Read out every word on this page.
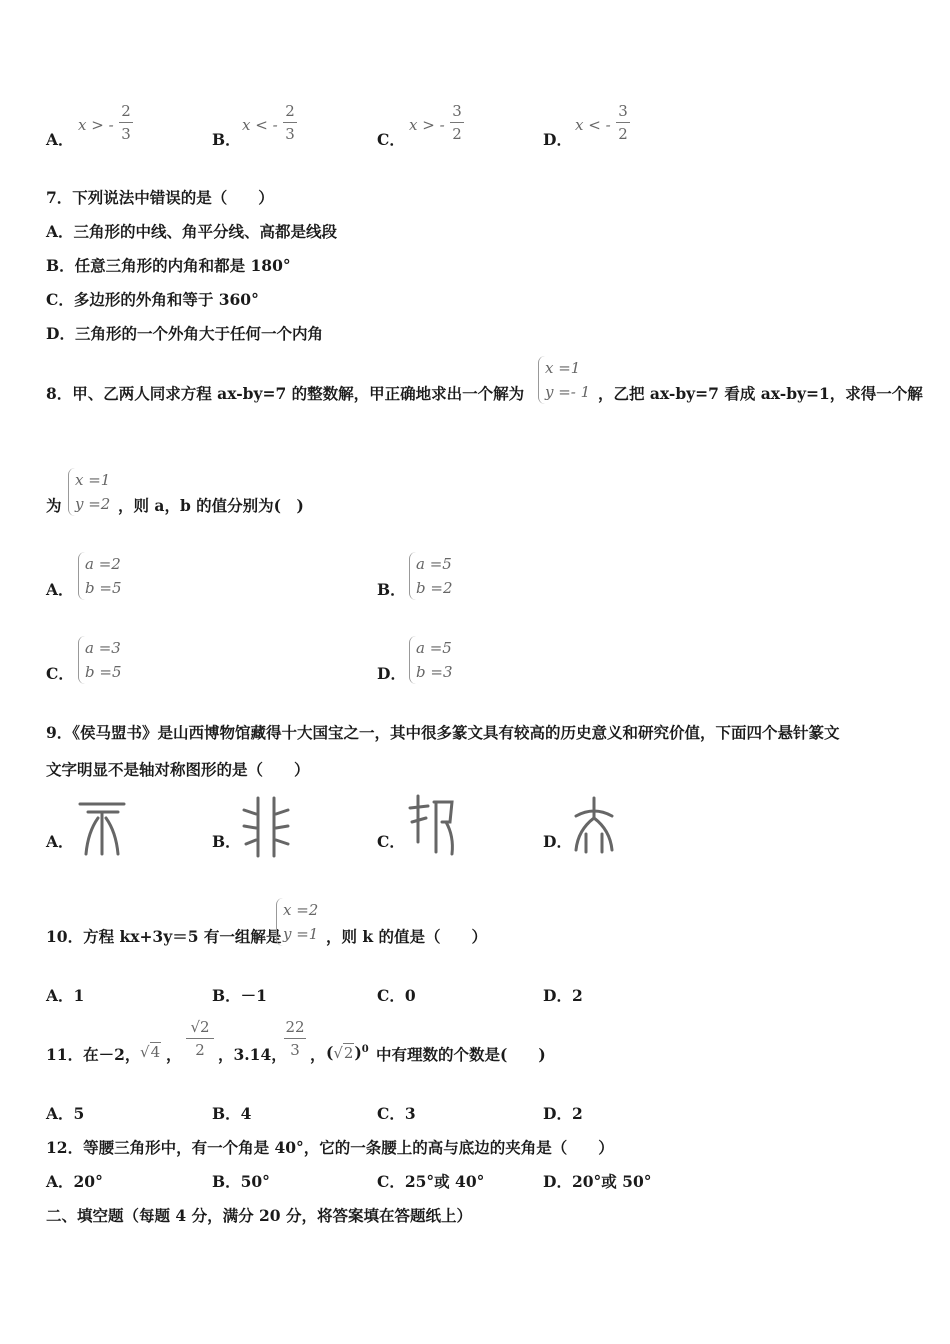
A．
x > -
2
3	B．
x < -
2
3	C．
x > -
3
2	D．
x < -
3
2
7．下列说法中错误的是（　　）
A．三角形的中线、角平分线、高都是线段
B．任意三角形的内角和都是 180°
C．多边形的外角和等于 360°
D．三角形的一个外角大于任何一个内角
8．甲、乙两人同求方程 ax-by=7 的整数解，甲正确地求出一个解为
x =1
y =- 1 ，乙把 ax-by=7 看成 ax-by=1，求得一个解
为
x =1
y =2 ，则 a，b 的值分别为(　)
A．
a =2
b =5	B．
a =5
b =2
C．
a =3
b =5	D．
a =5
b =3
9．《侯马盟书》是山西博物馆藏得十大国宝之一，其中很多篆文具有较高的历史意义和研究价值，下面四个悬针篆文
文字明显不是轴对称图形的是（　　）
A．	B．	C．	D．
10．方程 kx+3y＝5 有一组解是
x =2
y =1 ，则 k 的值是（　　）
A．1	B．－1	C．0	D．2
11．在－2， √4 ，
√2
2 ，3.14，
22
3 ， $(√2)^0$ 中有理数的个数是(　　)
A．5	B．4	C．3	D．2
12．等腰三角形中，有一个角是 40°，它的一条腰上的高与底边的夹角是（　　）
A．20°	B．50°	C．25°或 40°	D．20°或 50°
二、填空题（每题 4 分，满分 20 分，将答案填在答题纸上）
